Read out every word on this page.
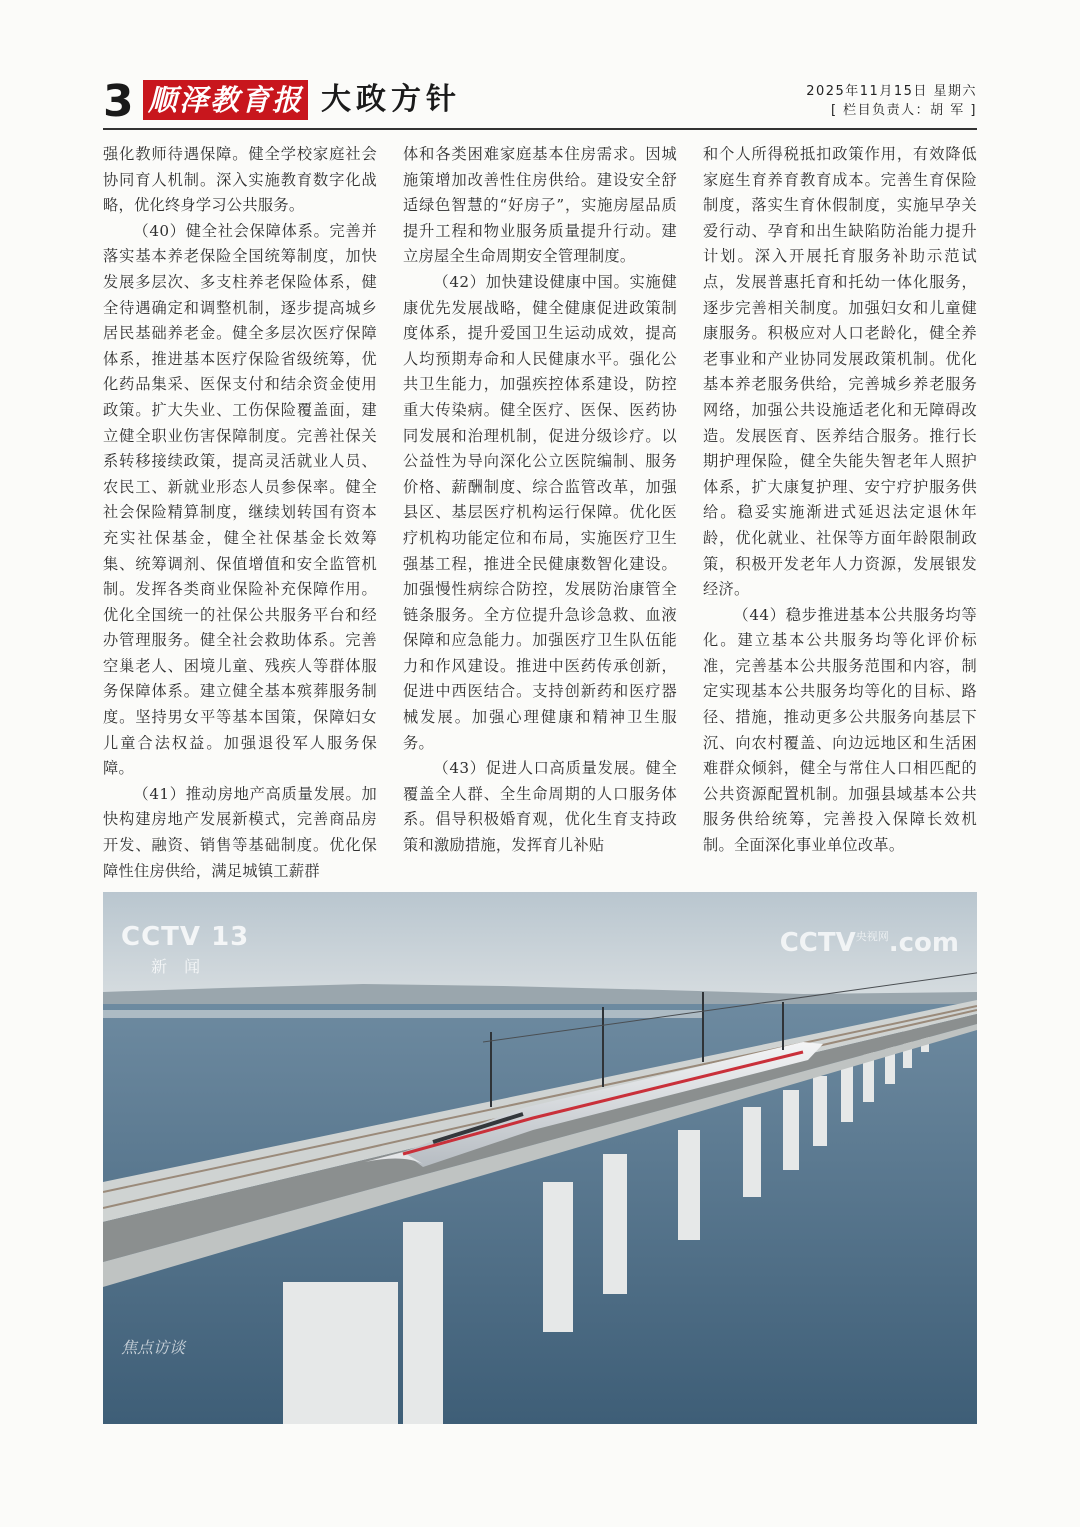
3 顺泽教育报 大政方针	2025年11月15日 星期六
[ 栏目负责人：胡 军 ]

强化教师待遇保障。健全学校家庭社会协同育人机制。深入实施教育数字化战略，优化终身学习公共服务。

（40）健全社会保障体系。完善并落实基本养老保险全国统筹制度，加快发展多层次、多支柱养老保险体系，健全待遇确定和调整机制，逐步提高城乡居民基础养老金。健全多层次医疗保障体系，推进基本医疗保险省级统筹，优化药品集采、医保支付和结余资金使用政策。扩大失业、工伤保险覆盖面，建立健全职业伤害保障制度。完善社保关系转移接续政策，提高灵活就业人员、农民工、新就业形态人员参保率。健全社会保险精算制度，继续划转国有资本充实社保基金，健全社保基金长效筹集、统筹调剂、保值增值和安全监管机制。发挥各类商业保险补充保障作用。优化全国统一的社保公共服务平台和经办管理服务。健全社会救助体系。完善空巢老人、困境儿童、残疾人等群体服务保障体系。建立健全基本殡葬服务制度。坚持男女平等基本国策，保障妇女儿童合法权益。加强退役军人服务保障。

（41）推动房地产高质量发展。加快构建房地产发展新模式，完善商品房开发、融资、销售等基础制度。优化保障性住房供给，满足城镇工薪群

体和各类困难家庭基本住房需求。因城施策增加改善性住房供给。建设安全舒适绿色智慧的“好房子”，实施房屋品质提升工程和物业服务质量提升行动。建立房屋全生命周期安全管理制度。

（42）加快建设健康中国。实施健康优先发展战略，健全健康促进政策制度体系，提升爱国卫生运动成效，提高人均预期寿命和人民健康水平。强化公共卫生能力，加强疾控体系建设，防控重大传染病。健全医疗、医保、医药协同发展和治理机制，促进分级诊疗。以公益性为导向深化公立医院编制、服务价格、薪酬制度、综合监管改革，加强县区、基层医疗机构运行保障。优化医疗机构功能定位和布局，实施医疗卫生强基工程，推进全民健康数智化建设。加强慢性病综合防控，发展防治康管全链条服务。全方位提升急诊急救、血液保障和应急能力。加强医疗卫生队伍能力和作风建设。推进中医药传承创新，促进中西医结合。支持创新药和医疗器械发展。加强心理健康和精神卫生服务。

（43）促进人口高质量发展。健全覆盖全人群、全生命周期的人口服务体系。倡导积极婚育观，优化生育支持政策和激励措施，发挥育儿补贴

和个人所得税抵扣政策作用，有效降低家庭生育养育教育成本。完善生育保险制度，落实生育休假制度，实施早孕关爱行动、孕育和出生缺陷防治能力提升计划。深入开展托育服务补助示范试点，发展普惠托育和托幼一体化服务，逐步完善相关制度。加强妇女和儿童健康服务。积极应对人口老龄化，健全养老事业和产业协同发展政策机制。优化基本养老服务供给，完善城乡养老服务网络，加强公共设施适老化和无障碍改造。发展医育、医养结合服务。推行长期护理保险，健全失能失智老年人照护体系，扩大康复护理、安宁疗护服务供给。稳妥实施渐进式延迟法定退休年龄，优化就业、社保等方面年龄限制政策，积极开发老年人力资源，发展银发经济。

（44）稳步推进基本公共服务均等化。建立基本公共服务均等化评价标准，完善基本公共服务范围和内容，制定实现基本公共服务均等化的目标、路径、措施，推动更多公共服务向基层下沉、向农村覆盖、向边远地区和生活困难群众倾斜，健全与常住人口相匹配的公共资源配置机制。加强县域基本公共服务供给统筹，完善投入保障长效机制。全面深化事业单位改革。

CCTV 13
新 闻
$CCTV^{央视网}.com$
焦点访谈
